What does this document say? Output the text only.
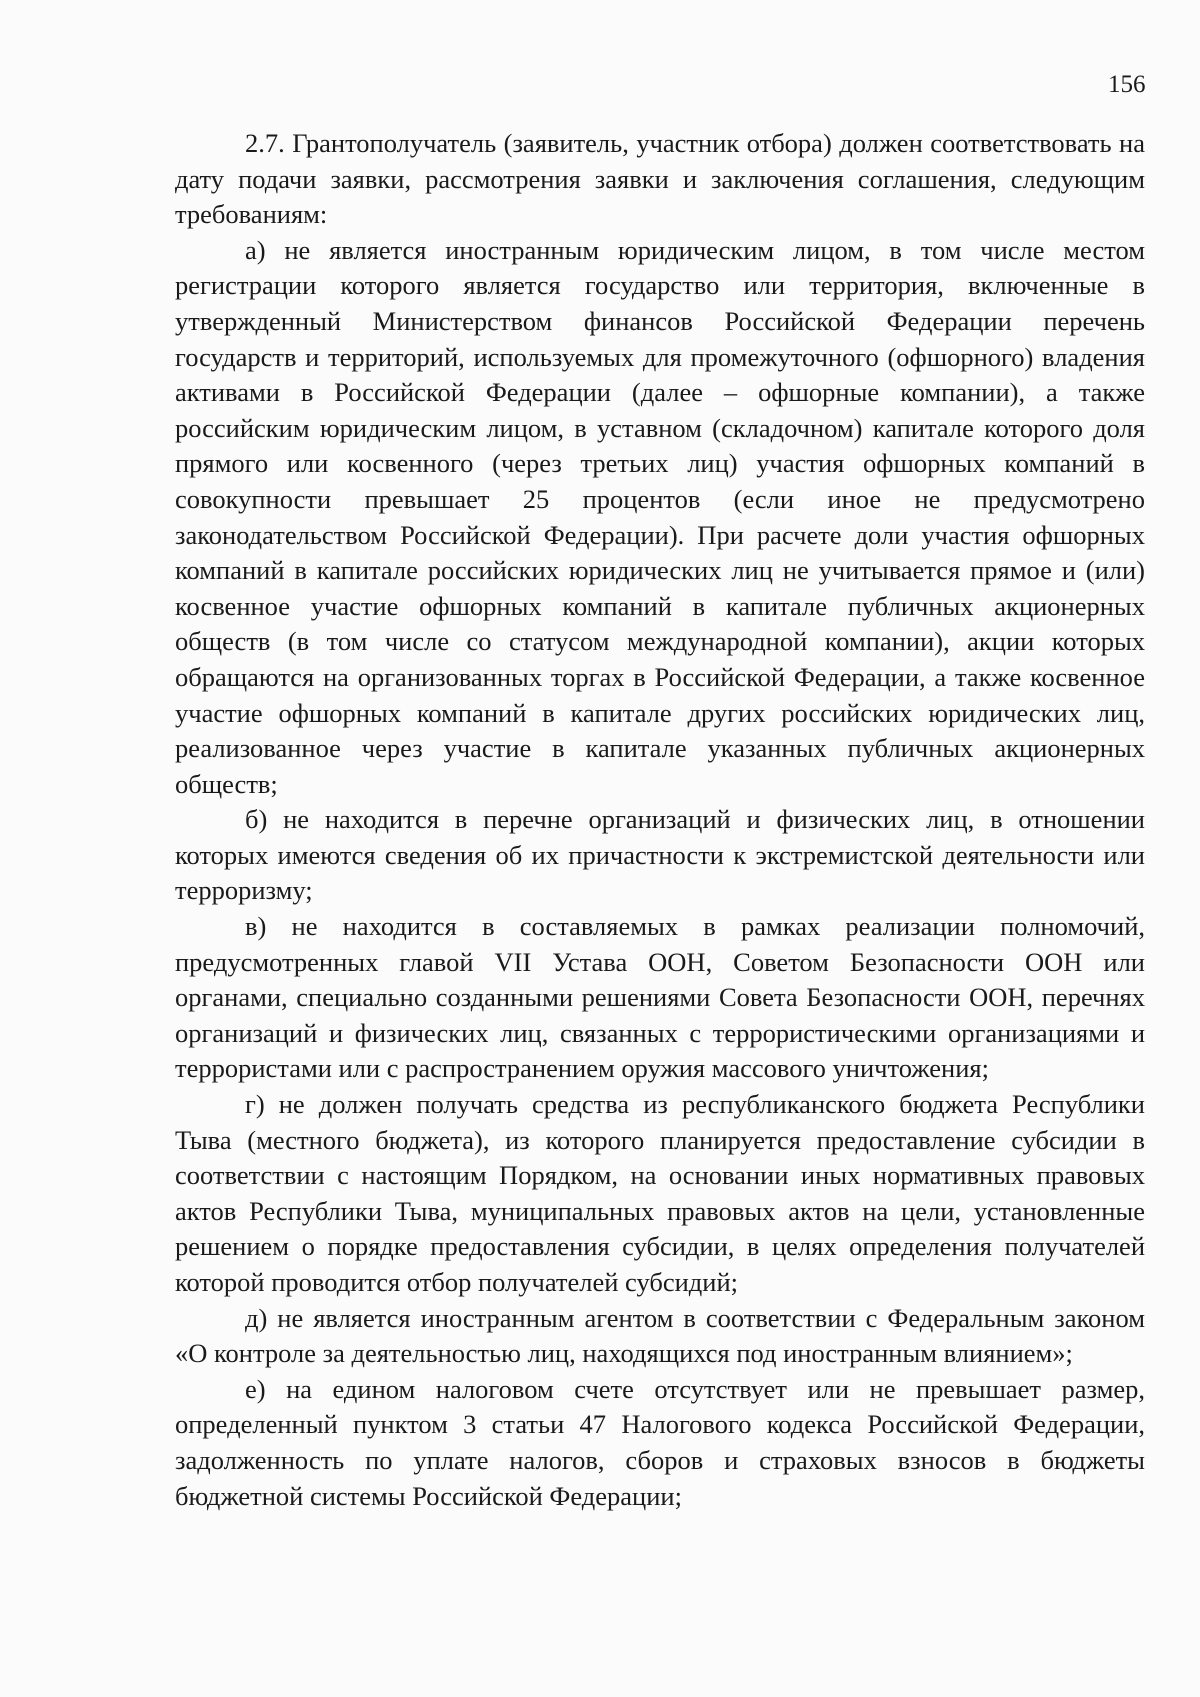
156

2.7. Грантополучатель (заявитель, участник отбора) должен соответствовать на дату подачи заявки, рассмотрения заявки и заключения соглашения, следующим требованиям:

а) не является иностранным юридическим лицом, в том числе местом регистрации которого является государство или территория, включенные в утвержденный Министерством финансов Российской Федерации перечень государств и территорий, используемых для промежуточного (офшорного) владения активами в Российской Федерации (далее – офшорные компании), а также российским юридическим лицом, в уставном (складочном) капитале которого доля прямого или косвенного (через третьих лиц) участия офшорных компаний в совокупности превышает 25 процентов (если иное не предусмотрено законодательством Российской Федерации). При расчете доли участия офшорных компаний в капитале российских юридических лиц не учитывается прямое и (или) косвенное участие офшорных компаний в капитале публичных акционерных обществ (в том числе со статусом международной компании), акции которых обращаются на организованных торгах в Российской Федерации, а также косвенное участие офшорных компаний в капитале других российских юридических лиц, реализованное через участие в капитале указанных публичных акционерных обществ;

б) не находится в перечне организаций и физических лиц, в отношении которых имеются сведения об их причастности к экстремистской деятельности или терроризму;

в) не находится в составляемых в рамках реализации полномочий, предусмотренных главой VII Устава ООН, Советом Безопасности ООН или органами, специально созданными решениями Совета Безопасности ООН, перечнях организаций и физических лиц, связанных с террористическими организациями и террористами или с распространением оружия массового уничтожения;

г) не должен получать средства из республиканского бюджета Республики Тыва (местного бюджета), из которого планируется предоставление субсидии в соответствии с настоящим Порядком, на основании иных нормативных правовых актов Республики Тыва, муниципальных правовых актов на цели, установленные решением о порядке предоставления субсидии, в целях определения получателей которой проводится отбор получателей субсидий;

д) не является иностранным агентом в соответствии с Федеральным законом «О контроле за деятельностью лиц, находящихся под иностранным влиянием»;

е) на едином налоговом счете отсутствует или не превышает размер, определенный пунктом 3 статьи 47 Налогового кодекса Российской Федерации, задолженность по уплате налогов, сборов и страховых взносов в бюджеты бюджетной системы Российской Федерации;
